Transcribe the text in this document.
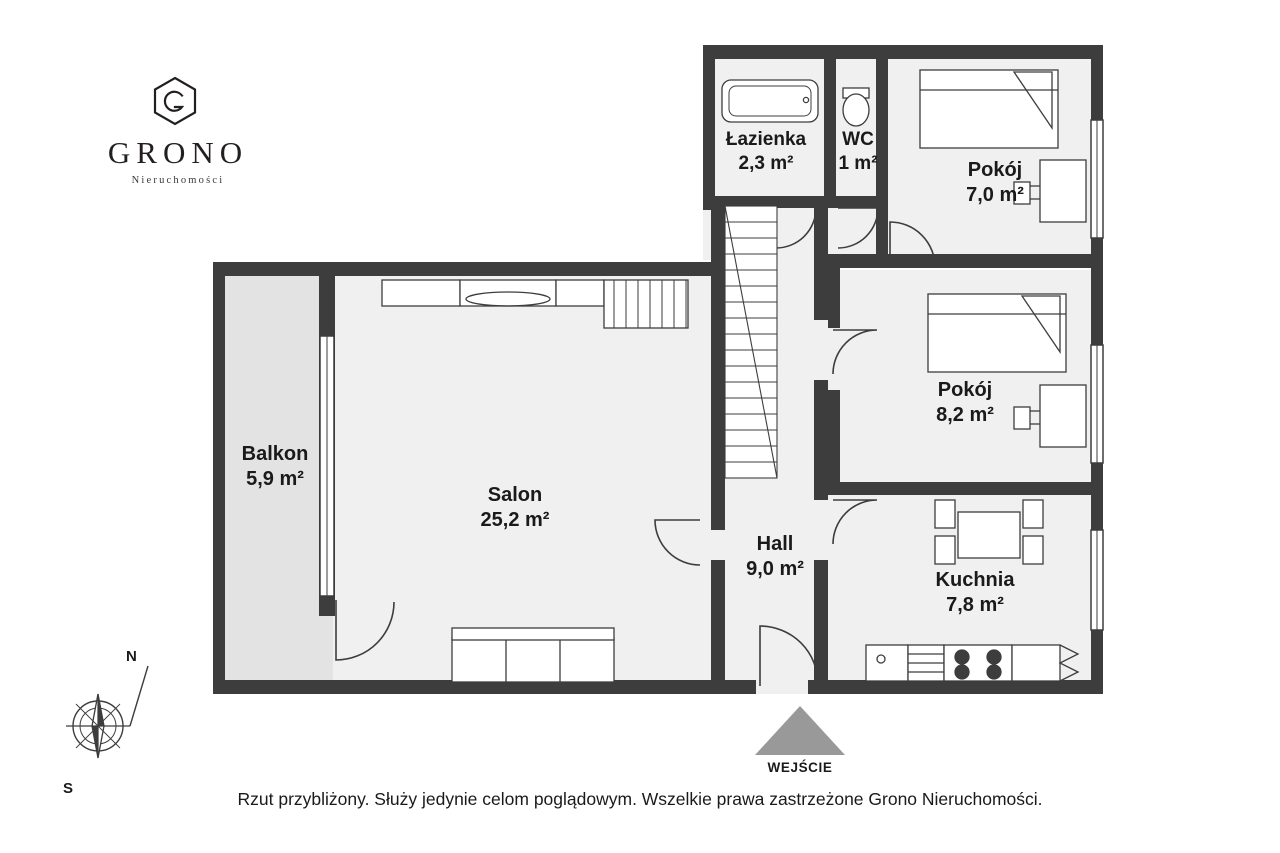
GRONO
Nieruchomości
Łazienka
2,3 m²
WC
1 m²	Pokój
7,0 m²
Pokój
8,2 m²
Balkon
5,9 m²
Salon
25,2 m²
Hall
9,0 m²	Kuchnia
7,8 m²
N
S
WEJŚCIE
Rzut przybliżony. Służy jedynie celom poglądowym. Wszelkie prawa zastrzeżone Grono Nieruchomości.
